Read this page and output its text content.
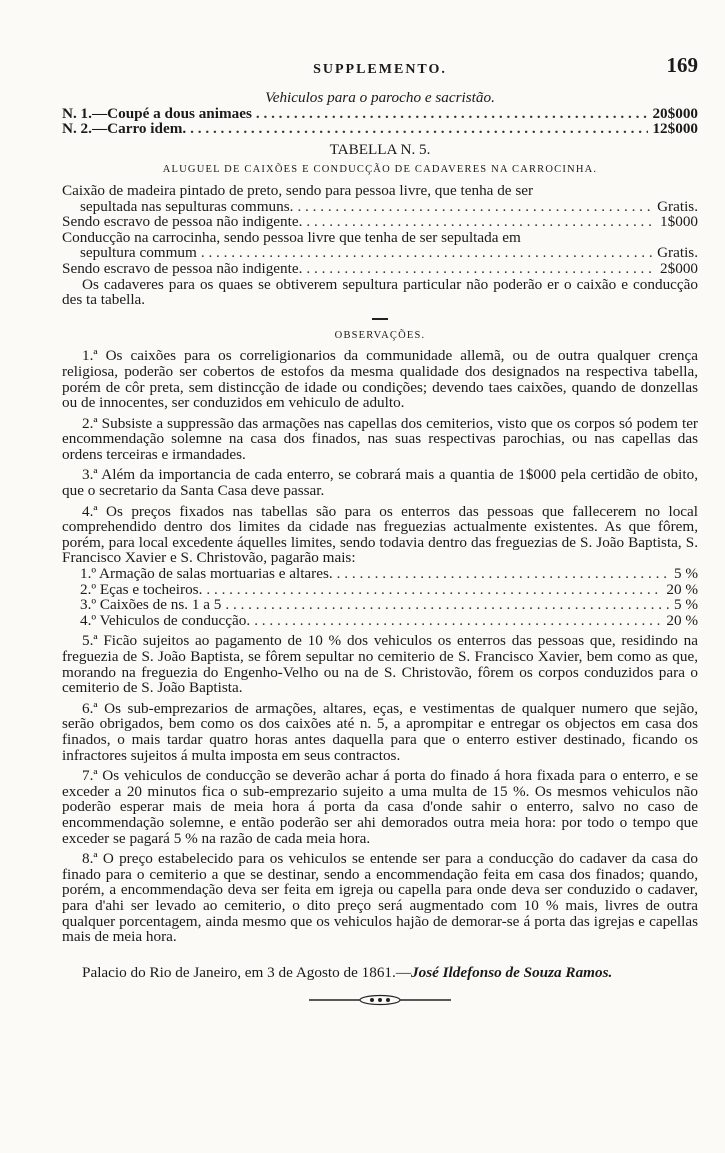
SUPPLEMENTO.	169
Vehiculos para o parocho e sacristão.
N. 1.—Coupé a dous animaes . . .	20$000
N. 2.—Carro idem. . . .	12$000
TABELLA N. 5.
ALUGUEL DE CAIXÕES E CONDUCÇÃO DE CADAVERES NA CARROCINHA.
Caixão de madeira pintado de preto, sendo para pessoa livre, que tenha de ser
sepultada nas sepulturas communs. . . .	Gratis.
Sendo escravo de pessoa não indigente. . . .	1$000
Conducção na carrocinha, sendo pessoa livre que tenha de ser sepultada em
sepultura commum . . .	Gratis.
Sendo escravo de pessoa não indigente. . . .	2$000

Os cadaveres para os quaes se obtiverem sepultura particular não poderão er o caixão e conducção des ta tabella.

OBSERVAÇÕES.

1.ª Os caixões para os correligionarios da communidade allemã, ou de outra qualquer crença religiosa, poderão ser cobertos de estofos da mesma qualidade dos designados na respectiva tabella, porém de côr preta, sem distincção de idade ou condições; devendo taes caixões, quando de donzellas ou de innocentes, ser conduzidos em vehiculo de adulto.

2.ª Subsiste a suppressão das armações nas capellas dos cemiterios, visto que os corpos só podem ter encommendação solemne na casa dos finados, nas suas respectivas parochias, ou nas capellas das ordens terceiras e irmandades.

3.ª Além da importancia de cada enterro, se cobrará mais a quantia de 1$000 pela certidão de obito, que o secretario da Santa Casa deve passar.

4.ª Os preços fixados nas tabellas são para os enterros das pessoas que fallecerem no local comprehendido dentro dos limites da cidade nas freguezias actualmente existentes. As que fôrem, porém, para local excedente áquelles limites, sendo todavia dentro das freguezias de S. João Baptista, S. Francisco Xavier e S. Christovão, pagarão mais:

1.º Armação de salas mortuarias e altares. . . .	5 %
2.º Eças e tocheiros. . . .	20 %
3.º Caixões de ns. 1 a 5 . . .	5 %
4.º Vehiculos de conducção. . . .	20 %

5.ª Ficão sujeitos ao pagamento de 10 % dos vehiculos os enterros das pessoas que, residindo na freguezia de S. João Baptista, se fôrem sepultar no cemiterio de S. Francisco Xavier, bem como as que, morando na freguezia do Engenho-Velho ou na de S. Christovão, fôrem os corpos conduzidos para o cemiterio de S. João Baptista.

6.ª Os sub-emprezarios de armações, altares, eças, e vestimentas de qualquer numero que sejão, serão obrigados, bem como os dos caixões até n. 5, a aprompitar e entregar os objectos em casa dos finados, o mais tardar quatro horas antes daquella para que o enterro estiver destinado, ficando os infractores sujeitos á multa imposta em seus contractos.

7.ª Os vehiculos de conducção se deverão achar á porta do finado á hora fixada para o enterro, e se exceder a 20 minutos fica o sub-emprezario sujeito a uma multa de 15 %. Os mesmos vehiculos não poderão esperar mais de meia hora á porta da casa d'onde sahir o enterro, salvo no caso de encommendação solemne, e então poderão ser ahi demorados outra meia hora: por todo o tempo que exceder se pagará 5 % na razão de cada meia hora.

8.ª O preço estabelecido para os vehiculos se entende ser para a conducção do cadaver da casa do finado para o cemiterio a que se destinar, sendo a encommendação feita em casa dos finados; quando, porém, a encommendação deva ser feita em igreja ou capella para onde deva ser conduzido o cadaver, para d'ahi ser levado ao cemiterio, o dito preço será augmentado com 10 % mais, livres de outra qualquer porcentagem, ainda mesmo que os vehiculos hajão de demorar-se á porta das igrejas e capellas mais de meia hora.

Palacio do Rio de Janeiro, em 3 de Agosto de 1861.—José Ildefonso de Souza Ramos.
